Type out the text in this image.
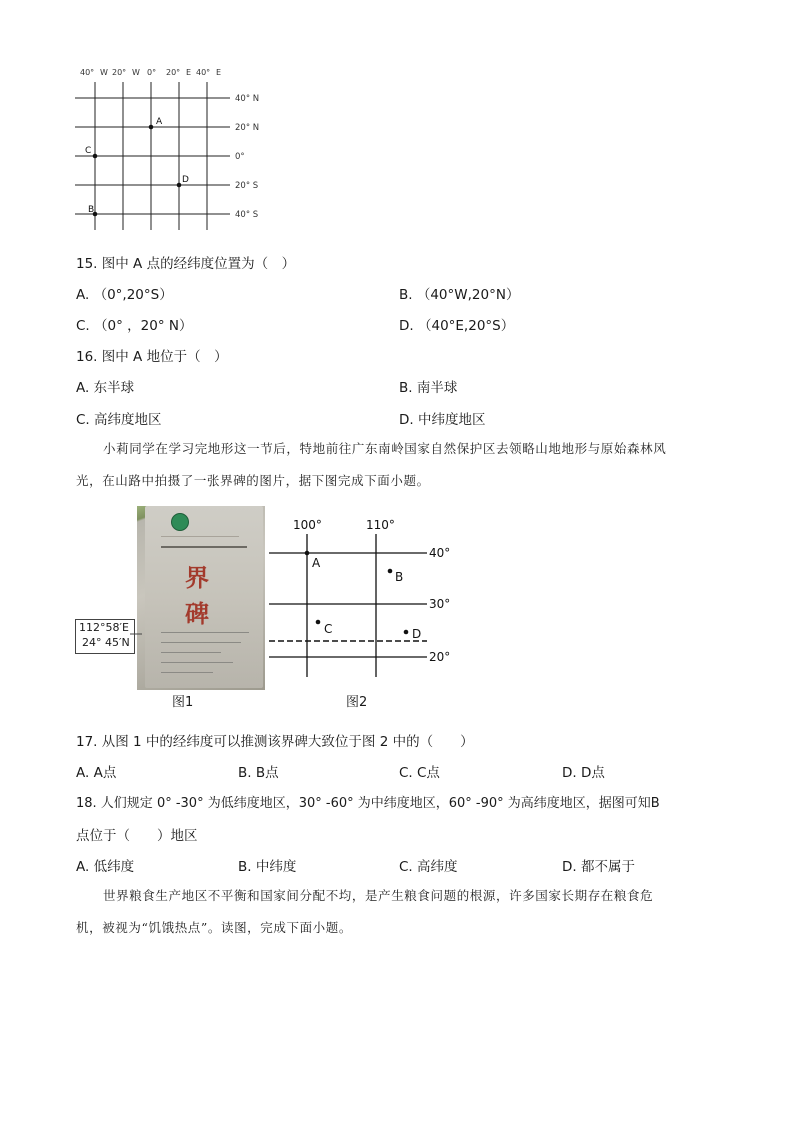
40° W 20° W 0° 20° E 40° E
40° N
20° N
0°
20° S
40° S
A
C
D
B
15. 图中 A 点的经纬度位置为（　）
A. （0°,20°S）	B. （40°W,20°N）
C. （0° ，20° N）	D. （40°E,20°S）
16. 图中 A 地位于（　）
A. 东半球	B. 南半球
C. 高纬度地区	D. 中纬度地区
小莉同学在学习完地形这一节后，特地前往广东南岭国家自然保护区去领略山地地形与原始森林风
光，在山路中拍摄了一张界碑的图片，据下图完成下面小题。
界
碑
112°58′E
24° 45′N
图1
100°	110°
40°
30°
20°
A
B
C	D
图2
17. 从图 1 中的经纬度可以推测该界碑大致位于图 2 中的（　　）
A. A点	B. B点	C. C点	D. D点
18. 人们规定 0° -30° 为低纬度地区，30° -60° 为中纬度地区，60° -90° 为高纬度地区，据图可知B
点位于（　　）地区
A. 低纬度	B. 中纬度	C. 高纬度	D. 都不属于
世界粮食生产地区不平衡和国家间分配不均，是产生粮食问题的根源，许多国家长期存在粮食危
机，被视为“饥饿热点”。读图，完成下面小题。
